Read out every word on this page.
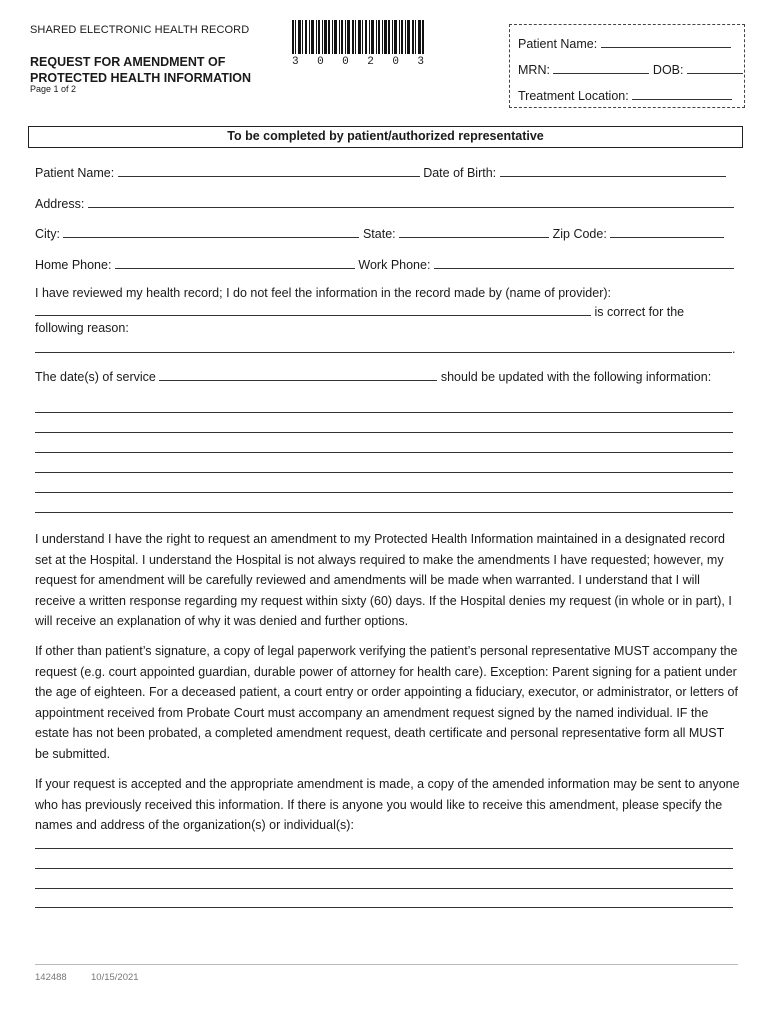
SHARED ELECTRONIC HEALTH RECORD
REQUEST FOR AMENDMENT OF
PROTECTED HEALTH INFORMATION
Page 1 of 2
3 0 0 2 0 3
Patient Name:
MRN:	DOB:
Treatment Location:
To be completed by patient/authorized representative
Patient Name:	Date of Birth:
Address:
City:	State:	Zip Code:
Home Phone:	Work Phone:
I have reviewed my health record; I do not feel the information in the record made by (name of provider):
is correct for the
following reason:
.
The date(s) of service	should be updated with the following information:
I understand I have the right to request an amendment to my Protected Health Information maintained in a designated record set at the Hospital. I understand the Hospital is not always required to make the amendments I have requested; however, my request for amendment will be carefully reviewed and amendments will be made when warranted. I understand that I will receive a written response regarding my request within sixty (60) days. If the Hospital denies my request (in whole or in part), I will receive an explanation of why it was denied and further options.
If other than patient’s signature, a copy of legal paperwork verifying the patient’s personal representative MUST accompany the request (e.g. court appointed guardian, durable power of attorney for health care). Exception: Parent signing for a patient under the age of eighteen. For a deceased patient, a court entry or order appointing a fiduciary, executor, or administrator, or letters of appointment received from Probate Court must accompany an amendment request signed by the named individual. IF the estate has not been probated, a completed amendment request, death certificate and personal representative form all MUST be submitted.
If your request is accepted and the appropriate amendment is made, a copy of the amended information may be sent to anyone who has previously received this information. If there is anyone you would like to receive this amendment, please specify the names and address of the organization(s) or individual(s):
142488	10/15/2021
